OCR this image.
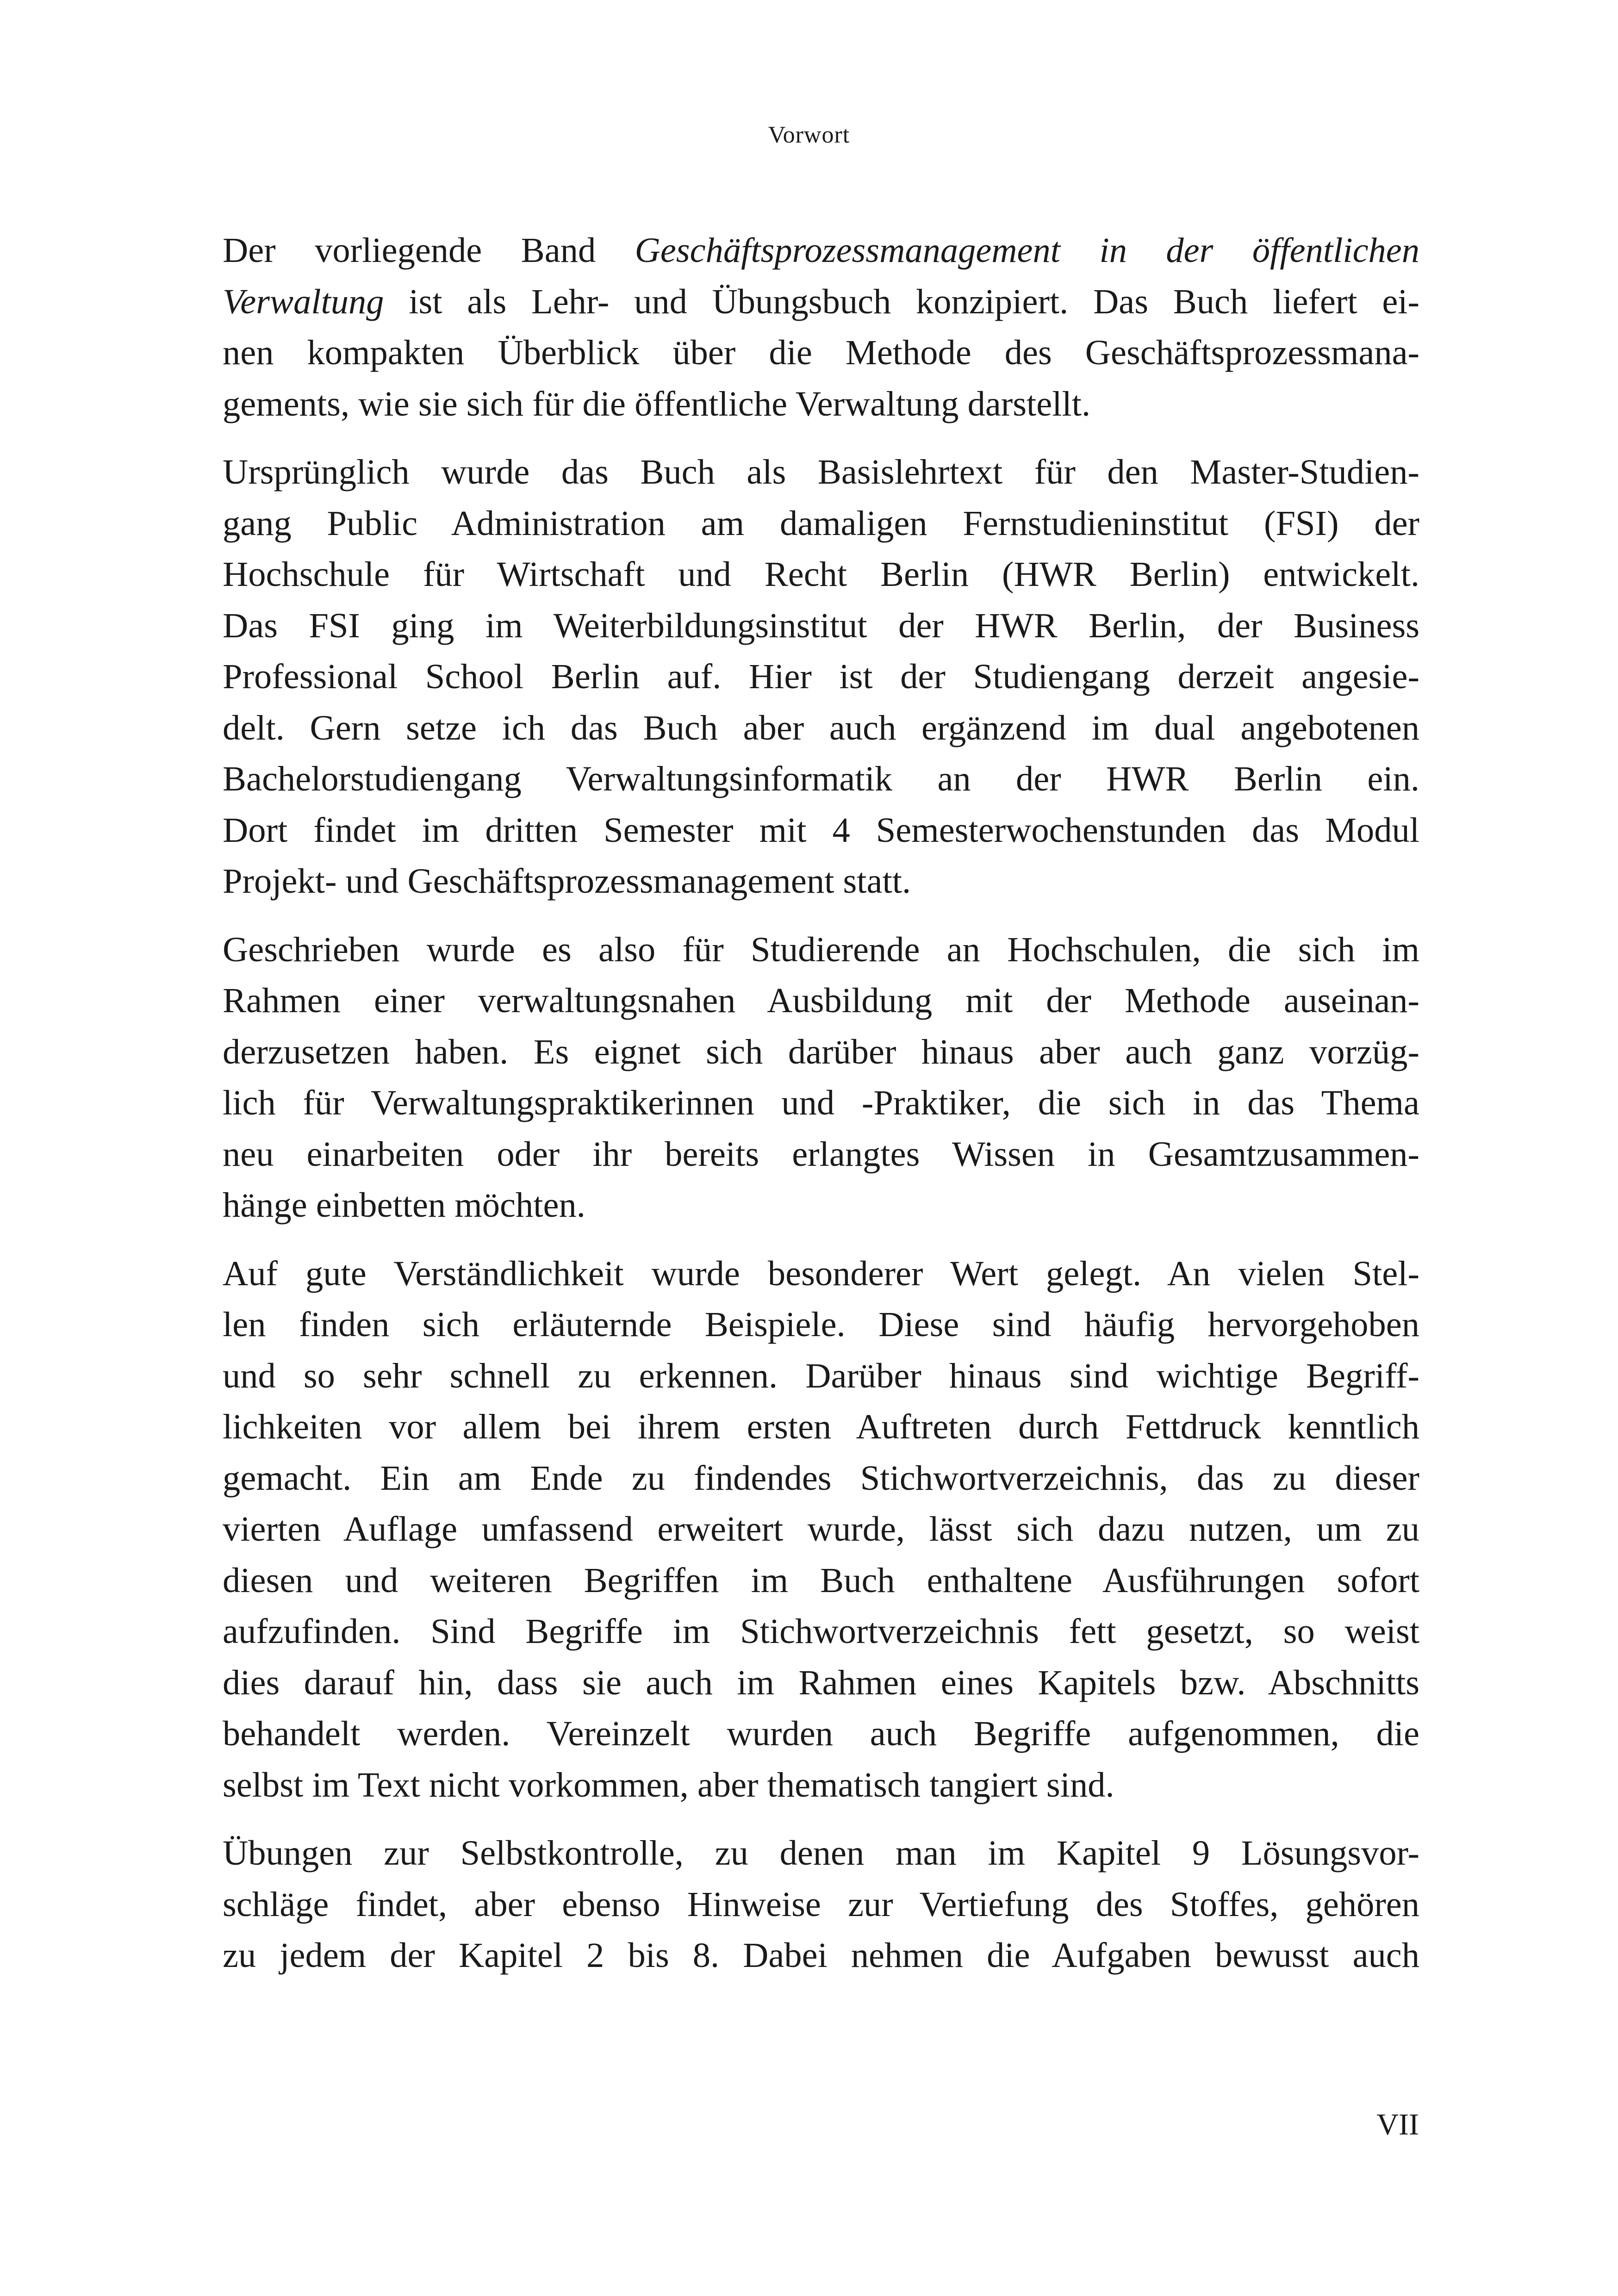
Vorwort

Der vorliegende Band Geschäftsprozessmanagement in der öffentlichen
Verwaltung ist als Lehr- und Übungsbuch konzipiert. Das Buch liefert ei-
nen kompakten Überblick über die Methode des Geschäftsprozessmana-
gements, wie sie sich für die öffentliche Verwaltung darstellt.

Ursprünglich wurde das Buch als Basislehrtext für den Master-Studien-
gang Public Administration am damaligen Fernstudieninstitut (FSI) der
Hochschule für Wirtschaft und Recht Berlin (HWR Berlin) entwickelt.
Das FSI ging im Weiterbildungsinstitut der HWR Berlin, der Business
Professional School Berlin auf. Hier ist der Studiengang derzeit angesie-
delt. Gern setze ich das Buch aber auch ergänzend im dual angebotenen
Bachelorstudiengang Verwaltungsinformatik an der HWR Berlin ein.
Dort findet im dritten Semester mit 4 Semesterwochenstunden das Modul
Projekt- und Geschäftsprozessmanagement statt.

Geschrieben wurde es also für Studierende an Hochschulen, die sich im
Rahmen einer verwaltungsnahen Ausbildung mit der Methode auseinan-
derzusetzen haben. Es eignet sich darüber hinaus aber auch ganz vorzüg-
lich für Verwaltungspraktikerinnen und -Praktiker, die sich in das Thema
neu einarbeiten oder ihr bereits erlangtes Wissen in Gesamtzusammen-
hänge einbetten möchten.

Auf gute Verständlichkeit wurde besonderer Wert gelegt. An vielen Stel-
len finden sich erläuternde Beispiele. Diese sind häufig hervorgehoben
und so sehr schnell zu erkennen. Darüber hinaus sind wichtige Begriff-
lichkeiten vor allem bei ihrem ersten Auftreten durch Fettdruck kenntlich
gemacht. Ein am Ende zu findendes Stichwortverzeichnis, das zu dieser
vierten Auflage umfassend erweitert wurde, lässt sich dazu nutzen, um zu
diesen und weiteren Begriffen im Buch enthaltene Ausführungen sofort
aufzufinden. Sind Begriffe im Stichwortverzeichnis fett gesetzt, so weist
dies darauf hin, dass sie auch im Rahmen eines Kapitels bzw. Abschnitts
behandelt werden. Vereinzelt wurden auch Begriffe aufgenommen, die
selbst im Text nicht vorkommen, aber thematisch tangiert sind.

Übungen zur Selbstkontrolle, zu denen man im Kapitel 9 Lösungsvor-
schläge findet, aber ebenso Hinweise zur Vertiefung des Stoffes, gehören
zu jedem der Kapitel 2 bis 8. Dabei nehmen die Aufgaben bewusst auch

VII
